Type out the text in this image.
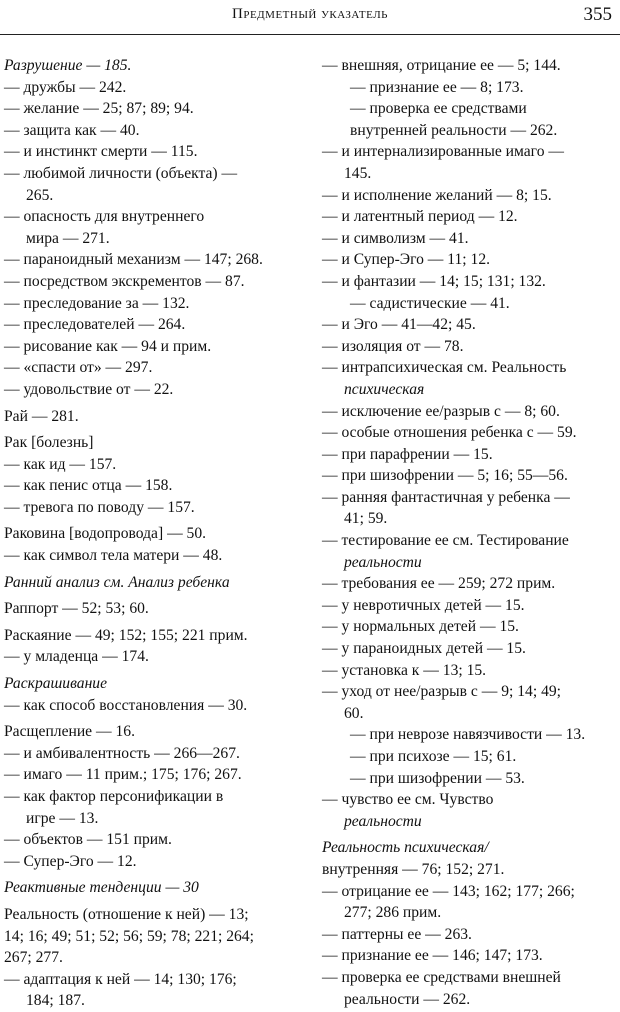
Предметный указатель	355
Разрушение — 185.
— дружбы — 242.
— желание — 25; 87; 89; 94.
— защита как — 40.
— и инстинкт смерти — 115.
— любимой личности (объекта) —
265.
— опасность для внутреннего
мира — 271.
— параноидный механизм — 147; 268.
— посредством экскрементов — 87.
— преследование за — 132.
— преследователей — 264.
— рисование как — 94 и прим.
— «спасти от» — 297.
— удовольствие от — 22.
Рай — 281.
Рак [болезнь]
— как ид — 157.
— как пенис отца — 158.
— тревога по поводу — 157.
Раковина [водопровода] — 50.
— как символ тела матери — 48.
Ранний анализ см. Анализ ребенка
Раппорт — 52; 53; 60.
Раскаяние — 49; 152; 155; 221 прим.
— у младенца — 174.
Раскрашивание
— как способ восстановления — 30.
Расщепление — 16.
— и амбивалентность — 266—267.
— имаго — 11 прим.; 175; 176; 267.
— как фактор персонификации в
игре — 13.
— объектов — 151 прим.
— Супер-Эго — 12.
Реактивные тенденции — 30
Реальность (отношение к ней) — 13;
14; 16; 49; 51; 52; 56; 59; 78; 221; 264;
267; 277.
— адаптация к ней — 14; 130; 176;
184; 187.
— внешняя, отрицание ее — 5; 144.
— признание ее — 8; 173.
— проверка ее средствами
внутренней реальности — 262.
— и интернализированные имаго —
145.
— и исполнение желаний — 8; 15.
— и латентный период — 12.
— и символизм — 41.
— и Супер-Эго — 11; 12.
— и фантазии — 14; 15; 131; 132.
— садистические — 41.
— и Эго — 41—42; 45.
— изоляция от — 78.
— интрапсихическая см. Реальность
психическая
— исключение ее/разрыв с — 8; 60.
— особые отношения ребенка с — 59.
— при парафрении — 15.
— при шизофрении — 5; 16; 55—56.
— ранняя фантастичная у ребенка —
41; 59.
— тестирование ее см. Тестирование
реальности
— требования ее — 259; 272 прим.
— у невротичных детей — 15.
— у нормальных детей — 15.
— у параноидных детей — 15.
— установка к — 13; 15.
— уход от нее/разрыв с — 9; 14; 49;
60.
— при неврозе навязчивости — 13.
— при психозе — 15; 61.
— при шизофрении — 53.
— чувство ее см. Чувство
реальности
Реальность психическая/
внутренняя — 76; 152; 271.
— отрицание ее — 143; 162; 177; 266;
277; 286 прим.
— паттерны ее — 263.
— признание ее — 146; 147; 173.
— проверка ее средствами внешней
реальности — 262.
